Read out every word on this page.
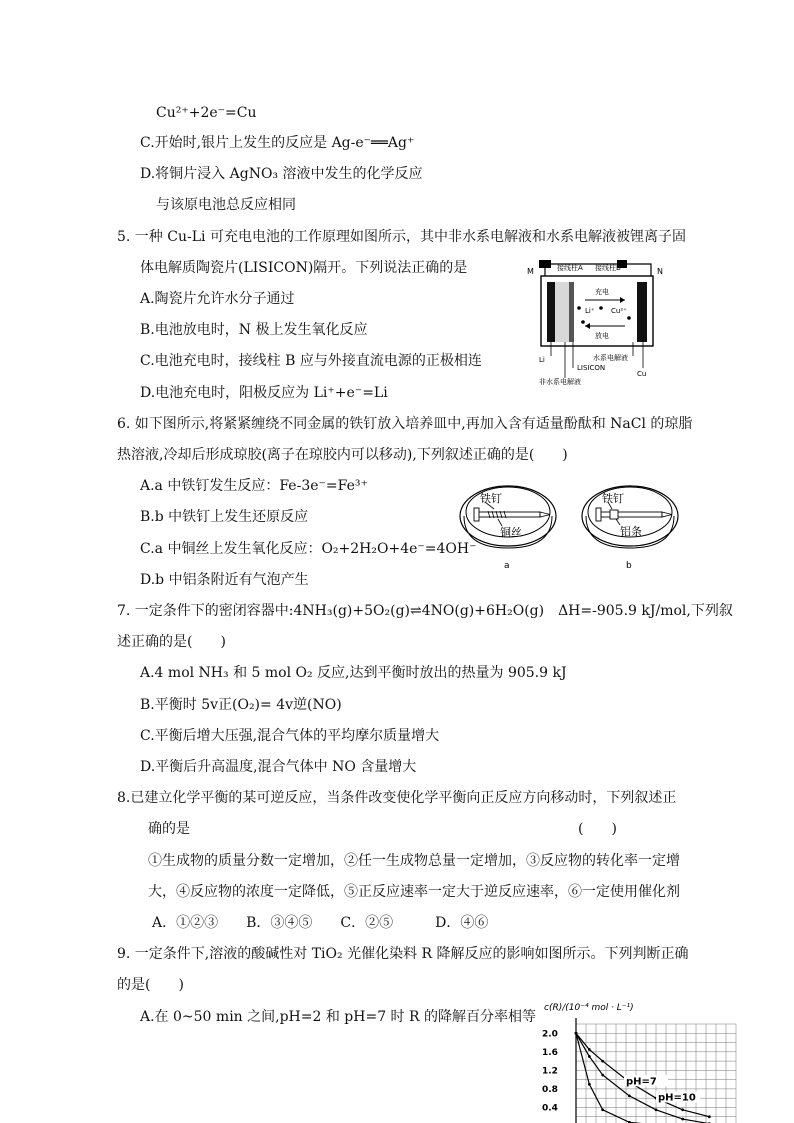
Cu²⁺+2e⁻=Cu
C.开始时,银片上发生的反应是 Ag-e⁻══Ag⁺
D.将铜片浸入 AgNO₃ 溶液中发生的化学反应
与该原电池总反应相同
5. 一种 Cu-Li 可充电电池的工作原理如图所示，其中非水系电解液和水系电解液被锂离子固
体电解质陶瓷片(LISICON)隔开。下列说法正确的是
A.陶瓷片允许水分子通过
B.电池放电时，N 极上发生氧化反应
C.电池充电时，接线柱 B 应与外接直流电源的正极相连
D.电池充电时，阳极反应为 Li⁺+e⁻=Li
6. 如下图所示,将紧紧缠绕不同金属的铁钉放入培养皿中,再加入含有适量酚酞和 NaCl 的琼脂
热溶液,冷却后形成琼胶(离子在琼胶内可以移动),下列叙述正确的是(　　)
A.a 中铁钉发生反应：Fe-3e⁻=Fe³⁺
B.b 中铁钉上发生还原反应
C.a 中铜丝上发生氧化反应：O₂+2H₂O+4e⁻=4OH⁻
D.b 中铝条附近有气泡产生
7. 一定条件下的密闭容器中:4NH₃(g)+5O₂(g)⇌4NO(g)+6H₂O(g)　ΔH=-905.9 kJ/mol,下列叙
述正确的是(　　)
A.4 mol NH₃ 和 5 mol O₂ 反应,达到平衡时放出的热量为 905.9 kJ
B.平衡时 5v正(O₂)= 4v逆(NO)
C.平衡后增大压强,混合气体的平均摩尔质量增大
D.平衡后升高温度,混合气体中 NO 含量增大
8.已建立化学平衡的某可逆反应，当条件改变使化学平衡向正反应方向移动时，下列叙述正
确的是	(　　)
①生成物的质量分数一定增加，②任一生成物总量一定增加，③反应物的转化率一定增
大，④反应物的浓度一定降低，⑤正反应速率一定大于逆反应速率，⑥一定使用催化剂
A．①②③　　B．③④⑤　　C．②⑤　　　D．④⑥
9. 一定条件下,溶液的酸碱性对 TiO₂ 光催化染料 R 降解反应的影响如图所示。下列判断正确
的是(　　)
A.在 0~50 min 之间,pH=2 和 pH=7 时 R 的降解百分率相等
M	N
接线柱A 接线柱B
充电
Li⁺ Cu²⁺
放电
Li	水系电解液
LISICON
Cu
非水系电解液
铁钉
铜丝
a
铁钉
铝条
b
c(R)/(10⁻⁴ mol · L⁻¹)
2.0
1.6
1.2
0.8
0.4
pH=7
pH=10
